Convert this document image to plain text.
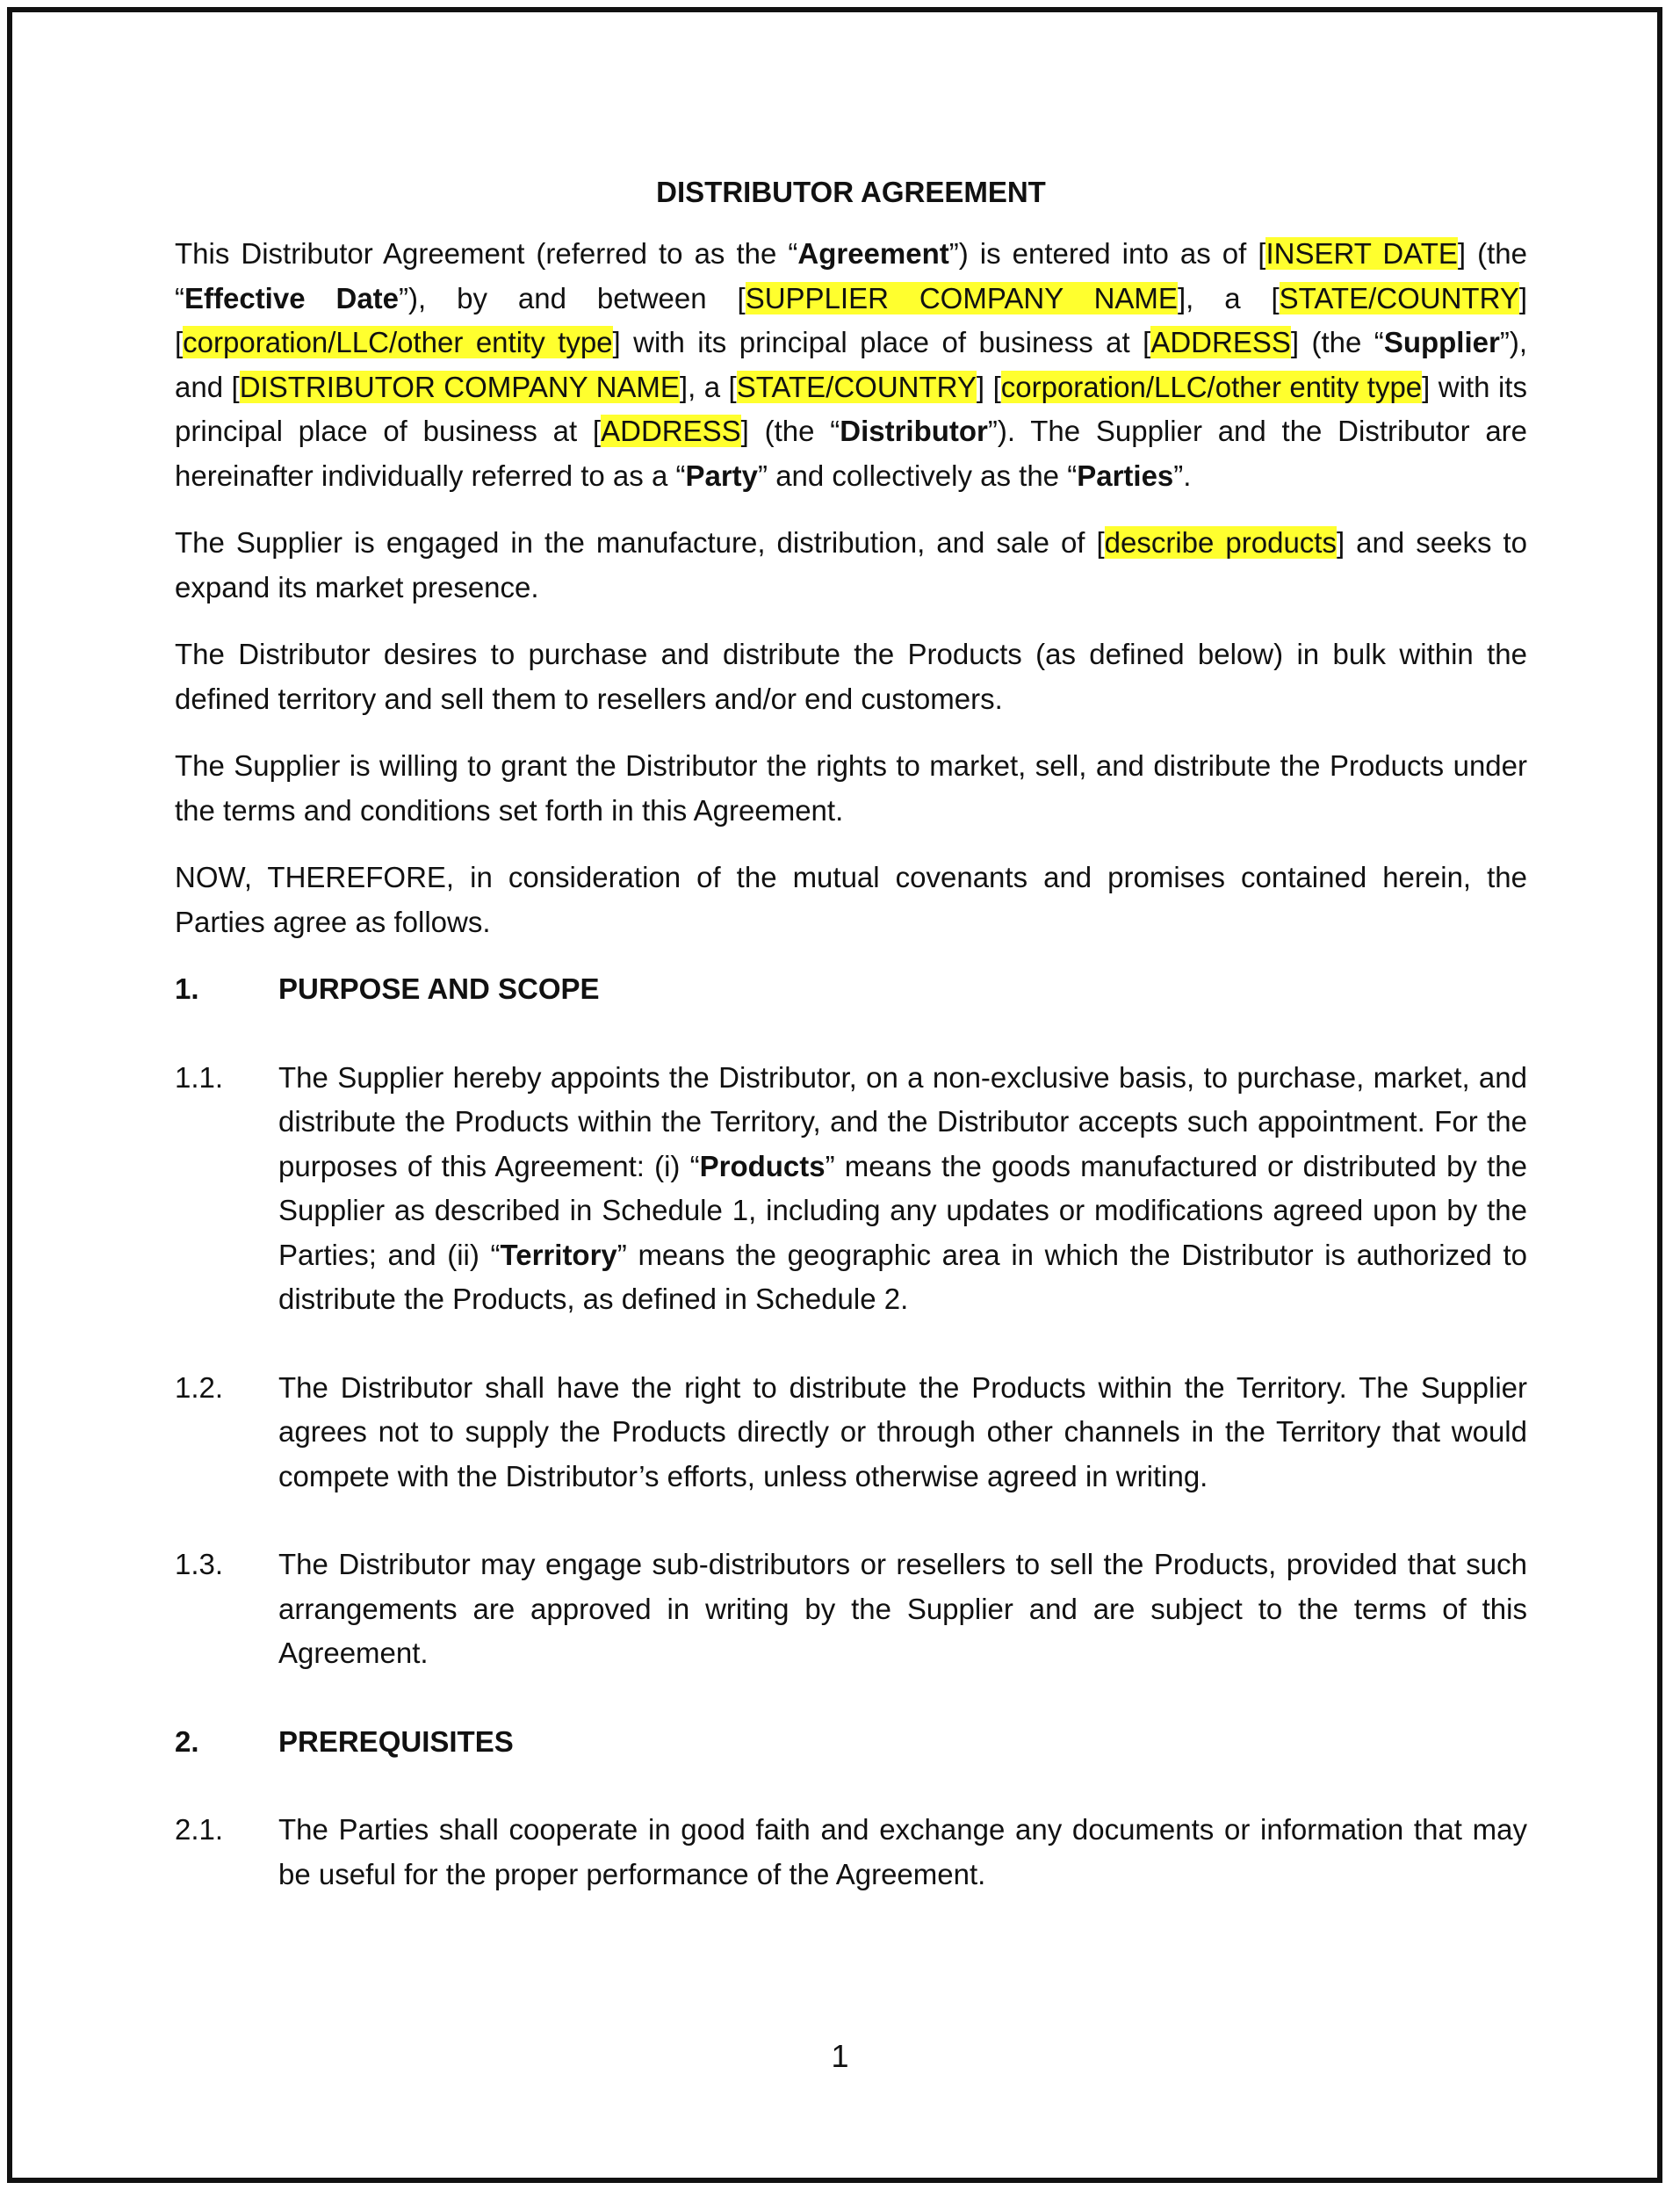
DISTRIBUTOR AGREEMENT

This Distributor Agreement (referred to as the “Agreement”) is entered into as of [INSERT DATE] (the “Effective Date”), by and between [SUPPLIER COMPANY NAME], a [STATE/COUNTRY] [corporation/LLC/other entity type] with its principal place of business at [ADDRESS] (the “Supplier”), and [DISTRIBUTOR COMPANY NAME], a [STATE/COUNTRY] [corporation/LLC/other entity type] with its principal place of business at [ADDRESS] (the “Distributor”). The Supplier and the Distributor are hereinafter individually referred to as a “Party” and collectively as the “Parties”.

The Supplier is engaged in the manufacture, distribution, and sale of [describe products] and seeks to expand its market presence.

The Distributor desires to purchase and distribute the Products (as defined below) in bulk within the defined territory and sell them to resellers and/or end customers.

The Supplier is willing to grant the Distributor the rights to market, sell, and distribute the Products under the terms and conditions set forth in this Agreement.

NOW, THEREFORE, in consideration of the mutual covenants and promises contained herein, the Parties agree as follows.

1.	PURPOSE AND SCOPE
1.1.	The Supplier hereby appoints the Distributor, on a non-exclusive basis, to purchase, market, and distribute the Products within the Territory, and the Distributor accepts such appointment. For the purposes of this Agreement: (i) “Products” means the goods manufactured or distributed by the Supplier as described in Schedule 1, including any updates or modifications agreed upon by the Parties; and (ii) “Territory” means the geographic area in which the Distributor is authorized to distribute the Products, as defined in Schedule 2.
1.2.	The Distributor shall have the right to distribute the Products within the Territory. The Supplier agrees not to supply the Products directly or through other channels in the Territory that would compete with the Distributor’s efforts, unless otherwise agreed in writing.
1.3.	The Distributor may engage sub-distributors or resellers to sell the Products, provided that such arrangements are approved in writing by the Supplier and are subject to the terms of this Agreement.
2.	PREREQUISITES
2.1.	The Parties shall cooperate in good faith and exchange any documents or information that may be useful for the proper performance of the Agreement.
1
